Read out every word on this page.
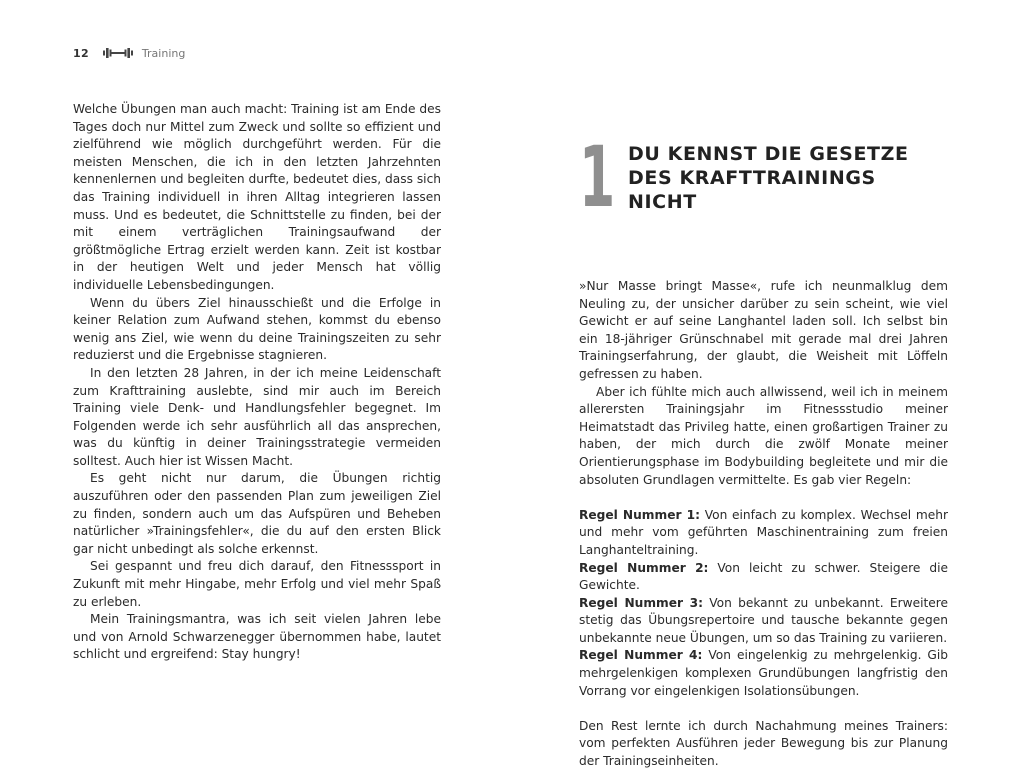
12	Training

Welche Übungen man auch macht: Training ist am Ende des Tages doch nur Mittel zum Zweck und sollte so effizient und zielführend wie möglich durchgeführt werden. Für die meisten Menschen, die ich in den letzten Jahrzehnten kennenlernen und begleiten durfte, bedeutet dies, dass sich das Training individuell in ihren Alltag integrieren lassen muss. Und es bedeutet, die Schnittstelle zu finden, bei der mit einem verträglichen Trainingsaufwand der größtmögliche Ertrag erzielt werden kann. Zeit ist kostbar in der heutigen Welt und jeder Mensch hat völlig individuelle Lebensbedingungen.

Wenn du übers Ziel hinausschießt und die Erfolge in keiner Relation zum Aufwand stehen, kommst du ebenso wenig ans Ziel, wie wenn du deine Trainingszeiten zu sehr reduzierst und die Ergebnisse stagnieren.

In den letzten 28 Jahren, in der ich meine Leidenschaft zum Krafttraining auslebte, sind mir auch im Bereich Training viele Denk- und Handlungsfehler begegnet. Im Folgenden werde ich sehr ausführlich all das ansprechen, was du künftig in deiner Trainingsstrategie vermeiden solltest. Auch hier ist Wissen Macht.

Es geht nicht nur darum, die Übungen richtig auszuführen oder den passenden Plan zum jeweiligen Ziel zu finden, sondern auch um das Aufspüren und Beheben natürlicher »Trainingsfehler«, die du auf den ersten Blick gar nicht unbedingt als solche erkennst.

Sei gespannt und freu dich darauf, den Fitnesssport in Zukunft mit mehr Hingabe, mehr Erfolg und viel mehr Spaß zu erleben.

Mein Trainingsmantra, was ich seit vielen Jahren lebe und von Arnold Schwarzenegger übernommen habe, lautet schlicht und ergreifend: Stay hungry!

1 DU KENNST DIE GESETZE
DES KRAFTTRAININGS
NICHT

»Nur Masse bringt Masse«, rufe ich neunmalklug dem Neuling zu, der unsicher darüber zu sein scheint, wie viel Gewicht er auf seine Langhantel laden soll. Ich selbst bin ein 18-jähriger Grünschnabel mit gerade mal drei Jahren Trainingserfahrung, der glaubt, die Weisheit mit Löffeln gefressen zu haben.

Aber ich fühlte mich auch allwissend, weil ich in meinem allerersten Trainingsjahr im Fitnessstudio meiner Heimatstadt das Privileg hatte, einen großartigen Trainer zu haben, der mich durch die zwölf Monate meiner Orientierungsphase im Bodybuilding begleitete und mir die absoluten Grundlagen vermittelte. Es gab vier Regeln:

Regel Nummer 1: Von einfach zu komplex. Wechsel mehr und mehr vom geführten Maschinentraining zum freien Langhanteltraining.

Regel Nummer 2: Von leicht zu schwer. Steigere die Gewichte.

Regel Nummer 3: Von bekannt zu unbekannt. Erweitere stetig das Übungsrepertoire und tausche bekannte gegen unbekannte neue Übungen, um so das Training zu variieren.

Regel Nummer 4: Von eingelenkig zu mehrgelenkig. Gib mehrgelenkigen komplexen Grundübungen langfristig den Vorrang vor eingelenkigen Isolationsübungen.

Den Rest lernte ich durch Nachahmung meines Trainers: vom perfekten Ausführen jeder Bewegung bis zur Planung der Trainingseinheiten.
